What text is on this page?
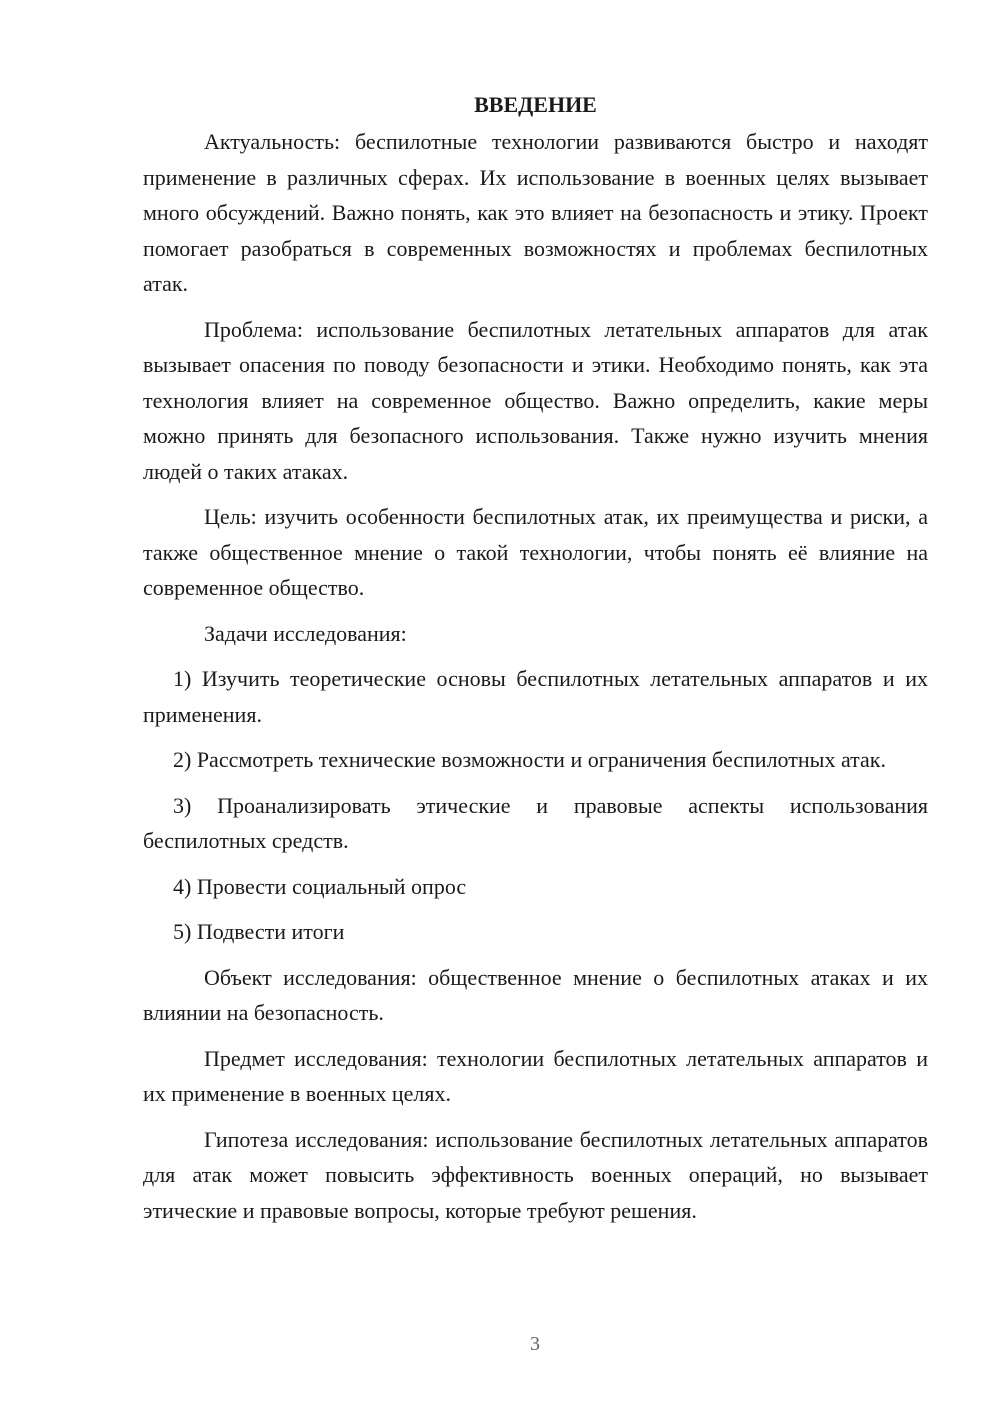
ВВЕДЕНИЕ

Актуальность: беспилотные технологии развиваются быстро и находят применение в различных сферах. Их использование в военных целях вызывает много обсуждений. Важно понять, как это влияет на безопасность и этику. Проект помогает разобраться в современных возможностях и проблемах беспилотных атак.

Проблема: использование беспилотных летательных аппаратов для атак вызывает опасения по поводу безопасности и этики. Необходимо понять, как эта технология влияет на современное общество. Важно определить, какие меры можно принять для безопасного использования. Также нужно изучить мнения людей о таких атаках.

Цель: изучить особенности беспилотных атак, их преимущества и риски, а также общественное мнение о такой технологии, чтобы понять её влияние на современное общество.

Задачи исследования:

1) Изучить теоретические основы беспилотных летательных аппаратов и их применения.

2) Рассмотреть технические возможности и ограничения беспилотных атак.

3) Проанализировать этические и правовые аспекты использования беспилотных средств.

4) Провести социальный опрос

5) Подвести итоги

Объект исследования: общественное мнение о беспилотных атаках и их влиянии на безопасность.

Предмет исследования: технологии беспилотных летательных аппаратов и их применение в военных целях.

Гипотеза исследования: использование беспилотных летательных аппаратов для атак может повысить эффективность военных операций, но вызывает этические и правовые вопросы, которые требуют решения.

3
